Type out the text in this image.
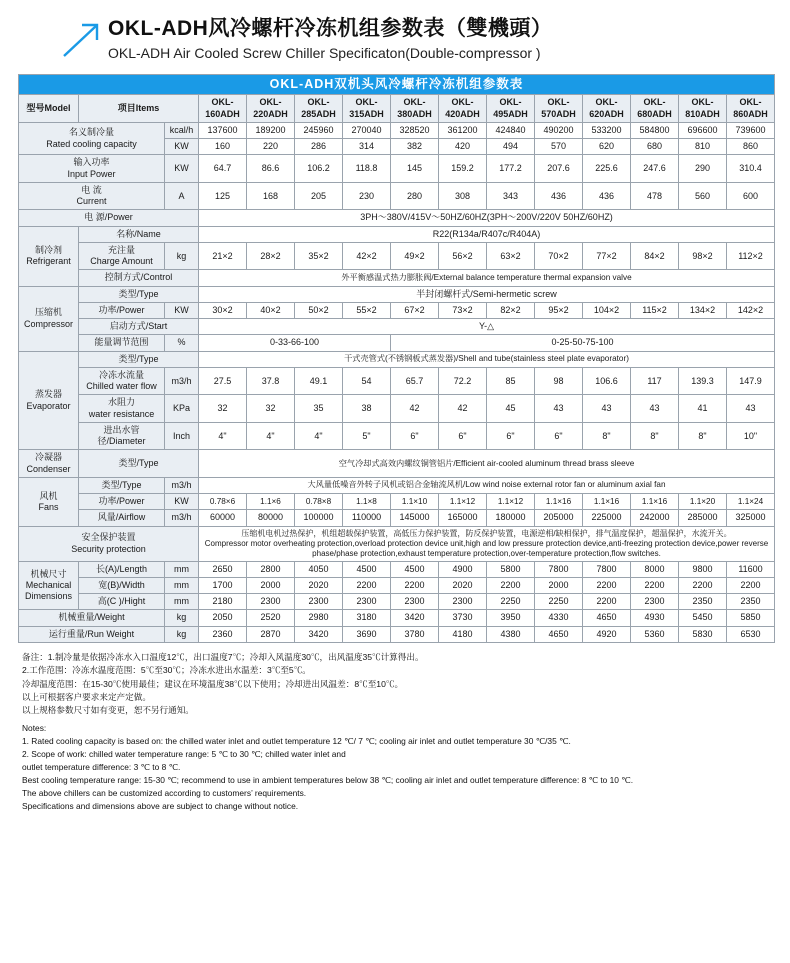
OKL-ADH风冷螺杆冷冻机组参数表（雙機頭）
OKL-ADH Air Cooled Screw Chiller Specificaton(Double-compressor )
OKL-ADH双机头风冷螺杆冷冻机组参数表														
型号Model	项目Items		OKL-160ADH	OKL-220ADH	OKL-285ADH	OKL-315ADH	OKL-380ADH	OKL-420ADH	OKL-495ADH	OKL-570ADH	OKL-620ADH	OKL-680ADH	OKL-810ADH	OKL-860ADH

名义制冷量
Rated cooling capacity		kcal/h	137600	189200	245960	270040	328520	361200	424840	490200	533200	584800	696600	739600
		KW	160	220	286	314	382	420	494	570	620	680	810	860

输入功率
Input Power		KW	64.7	86.6	106.2	118.8	145	159.2	177.2	207.6	225.6	247.6	290	310.4

电 流
Current		A	125	168	205	230	280	308	343	436	436	478	560	600
电 源/Power			3PH～380V/415V～50HZ/60HZ(3PH～200V/220V 50HZ/60HZ)											

制冷剂
Refrigerant	名称/Name		R22(R134a/R407c/R404A)											

	充注量
Charge Amount	kg	21×2	28×2	35×2	42×2	49×2	56×2	63×2	70×2	77×2	84×2	98×2	112×2
	控制方式/Control		外平衡感温式热力膨胀阀/External balance temperature thermal expansion valve											

压缩机
Compressor	类型/Type		半封闭螺杆式/Semi-hermetic screw											
	功率/Power	KW	30×2	40×2	50×2	55×2	67×2	73×2	82×2	95×2	104×2	115×2	134×2	142×2
	启动方式/Start		Y-△											
	能量调节范围	%	0-33-66-100				0-25-50-75-100							

蒸发器
Evaporator	类型/Type		干式壳管式(不锈钢板式蒸发器)/Shell and tube(stainless steel plate evaporator)											

	冷冻水流量
Chilled water flow	m3/h	27.5	37.8	49.1	54	65.7	72.2	85	98	106.6	117	139.3	147.9

	水阻力
water resistance	KPa	32	32	35	38	42	42	45	43	43	43	41	43
	进出水管径/Diameter	Inch	4"	4"	4"	5"	6"	6"	6"	6"	8"	8"	8"	10"

冷凝器
Condenser	类型/Type		空气冷却式高效内螺纹铜管铝片/Efficient air-cooled aluminum thread brass sleeve											

风机
Fans	类型/Type	m3/h	大风量低噪音外转子风机或铝合金轴流风机/Low wind noise external rotor fan or aluminum axial fan											
	功率/Power	KW	0.78×6	1.1×6	0.78×8	1.1×8	1.1×10	1.1×12	1.1×12	1.1×16	1.1×16	1.1×16	1.1×20	1.1×24
	风量/Airflow	m3/h	60000	80000	100000	110000	145000	165000	180000	205000	225000	242000	285000	325000

安全保护装置
Security protection

压缩机电机过热保护，机组超载保护装置，高低压力保护装置，防反保护装置，电源逆相/缺相保护，排气温度保护，超温保护，水流开关。
Compressor motor overheating protection,overload protection device unit,high and low pressure protection device,anti-freezing protection device,power reverse phase/phase protection,exhaust temperature protection,over-temperature protection,flow switches.

机械尺寸
Mechanical
Dimensions	长(A)/Length	mm	2650	2800	4050	4500	4500	4900	5800	7800	7800	8000	9800	11600
	宽(B)/Width	mm	1700	2000	2020	2200	2200	2020	2200	2000	2200	2200	2200	2200
	高(C )/Hight	mm	2180	2300	2300	2300	2300	2300	2250	2250	2200	2300	2350	2350
机械重量/Weight		kg	2050	2520	2980	3180	3420	3730	3950	4330	4650	4930	5450	5850
运行重量/Run Weight		kg	2360	2870	3420	3690	3780	4180	4380	4650	4920	5360	5830	6530

备注：1.制冷量是依据冷冻水入口温度12℃，出口温度7℃；冷却入风温度30℃，出风温度35℃计算得出。

2.工作范围：冷冻水温度范围：5℃至30℃；冷冻水进出水温差：3℃至5℃。

冷却温度范围：在15-30℃使用最佳；建议在环境温度38℃以下使用；冷却进出风温差：8℃至10℃。

以上可根据客户要求来定产定做。

以上规格参数尺寸如有变更，恕不另行通知。

Notes:

1. Rated cooling capacity is based on: the chilled water inlet and outlet temperature 12 ℃/ 7 ℃; cooling air inlet and outlet temperature 30 ℃/35 ℃.

2. Scope of work: chilled water temperature range: 5 ℃ to 30 ℃; chilled water inlet and

outlet temperature difference: 3 ℃ to 8 ℃.

Best cooling temperature range: 15-30 ℃; recommend to use in ambient temperatures below 38 ℃; cooling air inlet and outlet temperature difference: 8 ℃ to 10 ℃.

The above chillers can be customized according to customers’ requirements.

Specifications and dimensions above are subject to change without notice.
